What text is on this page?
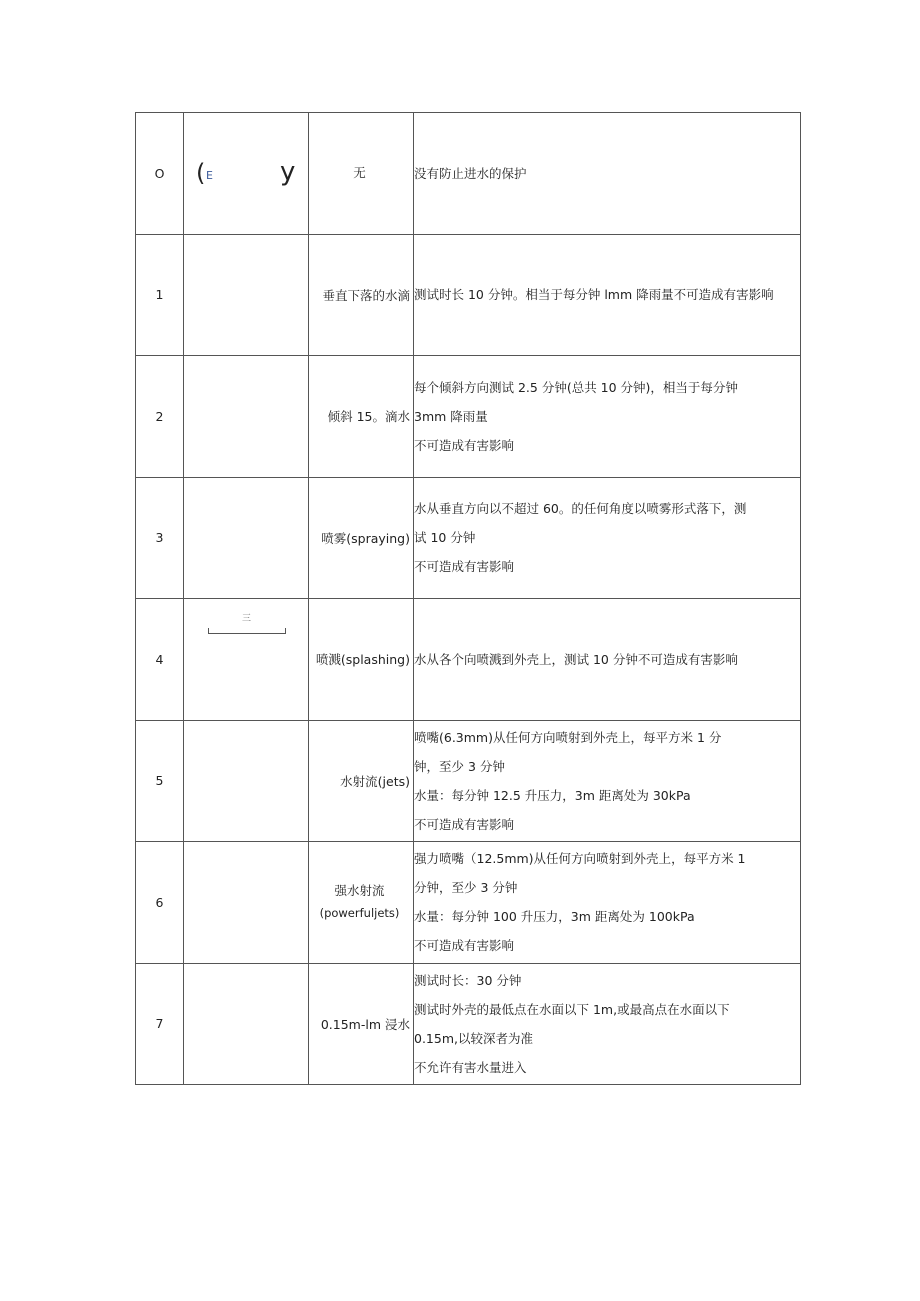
O	( E y	无	没有防止进水的保护

1		垂直下落的水滴	测试时长 10 分钟。相当于每分钟 lmm 降雨量不可造成有害影响

2		倾斜 15。滴水	每个倾斜方向测试 2.5 分钟(总共 10 分钟)，相当于每分钟
3mm 降雨量
不可造成有害影响

3		喷雾(spraying)	水从垂直方向以不超过 60。的任何角度以喷雾形式落下，测
试 10 分钟
不可造成有害影响

4	三	喷溅(splashing)	水从各个向喷溅到外壳上，测试 10 分钟不可造成有害影响

5		水射流(jets)	喷嘴(6.3mm)从任何方向喷射到外壳上，每平方米 1 分
钟，至少 3 分钟
水量：每分钟 12.5 升压力，3m 距离处为 30kPa
不可造成有害影响

6		强水射流
(powerfuljets)	强力喷嘴（12.5mm)从任何方向喷射到外壳上，每平方米 1
分钟，至少 3 分钟
水量：每分钟 100 升压力，3m 距离处为 100kPa
不可造成有害影响

7		0.15m-lm 浸水	测试时长：30 分钟
测试时外壳的最低点在水面以下 1m,或最高点在水面以下
0.15m,以较深者为准
不允许有害水量进入
